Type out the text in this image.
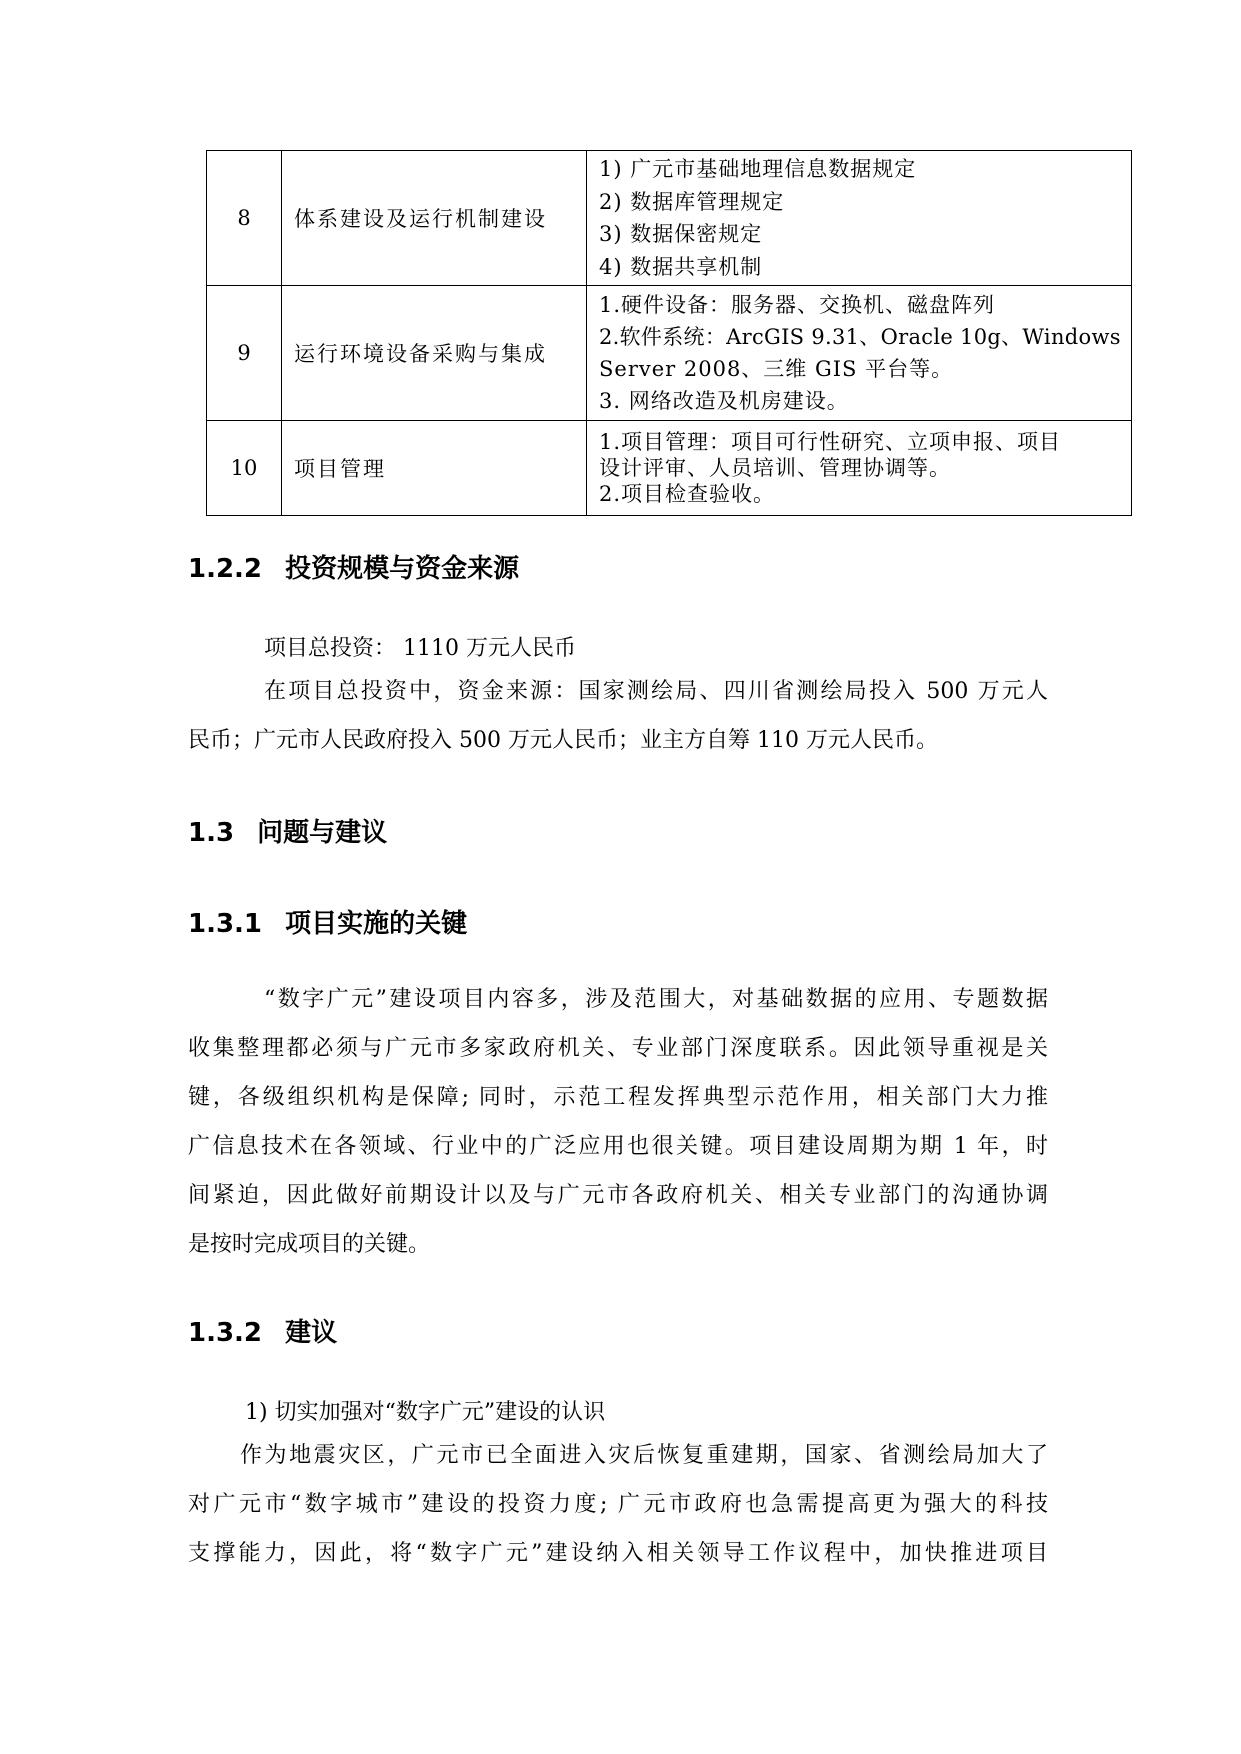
8	体系建设及运行机制建设	1) 广元市基础地理信息数据规定
2) 数据库管理规定
3) 数据保密规定
4) 数据共享机制

9	运行环境设备采购与集成	1.硬件设备：服务器、交换机、磁盘阵列
2.软件系统：ArcGIS 9.31、Oracle 10g、Windows
Server 2008、三维 GIS 平台等。
3. 网络改造及机房建设。

10	项目管理	1.项目管理：项目可行性研究、立项申报、项目
设计评审、人员培训、管理协调等。
2.项目检查验收。
1.2.2 投资规模与资金来源
项目总投资： 1110 万元人民币
在项目总投资中，资金来源：国家测绘局、四川省测绘局投入 500 万元人
民币；广元市人民政府投入 500 万元人民币；业主方自筹 110 万元人民币。
1.3 问题与建议
1.3.1 项目实施的关键
“数字广元”建设项目内容多，涉及范围大，对基础数据的应用、专题数据
收集整理都必须与广元市多家政府机关、专业部门深度联系。因此领导重视是关
键，各级组织机构是保障; 同时，示范工程发挥典型示范作用，相关部门大力推
广信息技术在各领域、行业中的广泛应用也很关键。项目建设周期为期 1 年，时
间紧迫，因此做好前期设计以及与广元市各政府机关、相关专业部门的沟通协调
是按时完成项目的关键。
1.3.2 建议
1) 切实加强对“数字广元”建设的认识
作为地震灾区，广元市已全面进入灾后恢复重建期，国家、省测绘局加大了
对广元市“数字城市”建设的投资力度; 广元市政府也急需提高更为强大的科技
支撑能力，因此，将“数字广元”建设纳入相关领导工作议程中，加快推进项目
